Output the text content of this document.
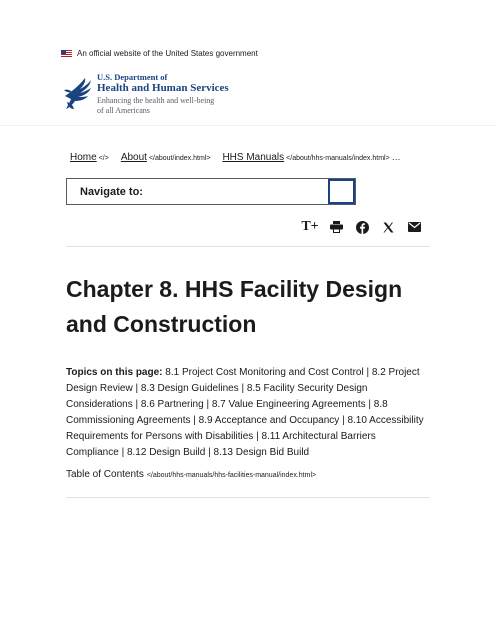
An official website of the United States government
U.S. Department of
Health and Human Services
Enhancing the health and well-being
of all Americans
Home </> About </about/index.html> HHS Manuals </about/hhs-manuals/index.html> …
Navigate to:
T+
Chapter 8. HHS Facility Design and Construction

Topics on this page: 8.1 Project Cost Monitoring and Cost Control | 8.2 Project Design Review | 8.3 Design Guidelines | 8.5 Facility Security Design Considerations | 8.6 Partnering | 8.7 Value Engineering Agreements | 8.8 Commissioning Agreements | 8.9 Acceptance and Occupancy | 8.10 Accessibility Requirements for Persons with Disabilities | 8.11 Architectural Barriers Compliance | 8.12 Design Build | 8.13 Design Bid Build

Table of Contents </about/hhs-manuals/hhs-facilities-manual/index.html>
